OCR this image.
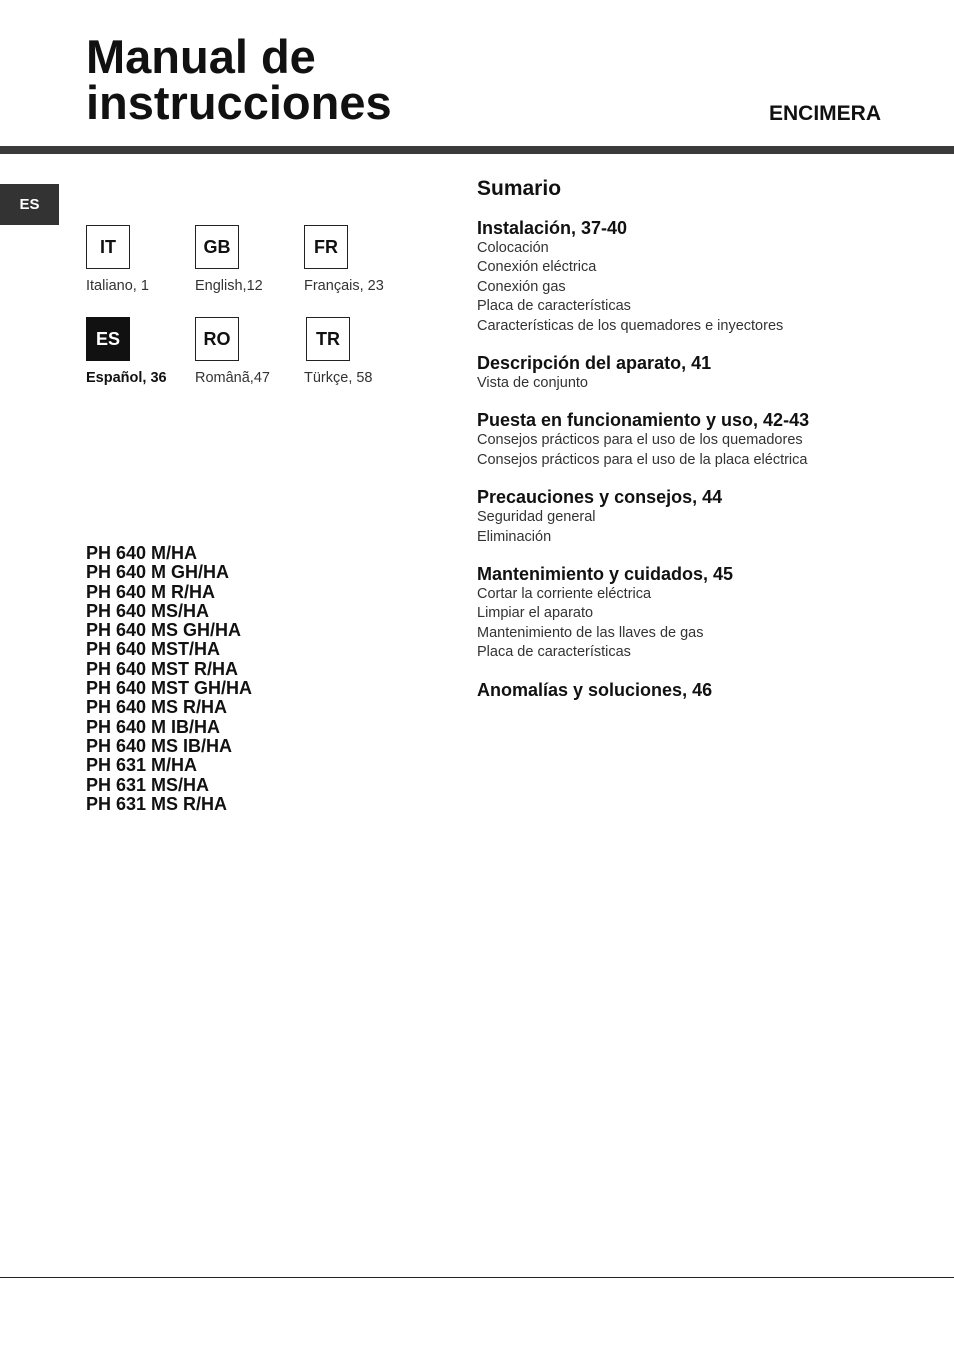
Manual de
instrucciones	ENCIMERA
ES
IT
Italiano, 1
GB
English,12
FR
Français, 23
ES
Español, 36
RO
Românã,47
TR
Türkçe, 58
PH 640 M/HA
PH 640 M GH/HA
PH 640 M R/HA
PH 640 MS/HA
PH 640 MS GH/HA
PH 640 MST/HA
PH 640 MST R/HA
PH 640 MST GH/HA
PH 640 MS R/HA
PH 640 M IB/HA
PH 640 MS IB/HA
PH 631 M/HA
PH 631 MS/HA
PH 631 MS R/HA
Sumario
Instalación, 37-40
Colocación
Conexión eléctrica
Conexión gas
Placa de características
Características de los quemadores e inyectores
Descripción del aparato, 41
Vista de conjunto
Puesta en funcionamiento y uso, 42-43
Consejos prácticos para el uso de los quemadores
Consejos prácticos para el uso de la placa eléctrica
Precauciones y consejos, 44
Seguridad general
Eliminación
Mantenimiento y cuidados, 45
Cortar la corriente eléctrica
Limpiar el aparato
Mantenimiento de las llaves de gas
Placa de características
Anomalías y soluciones, 46
